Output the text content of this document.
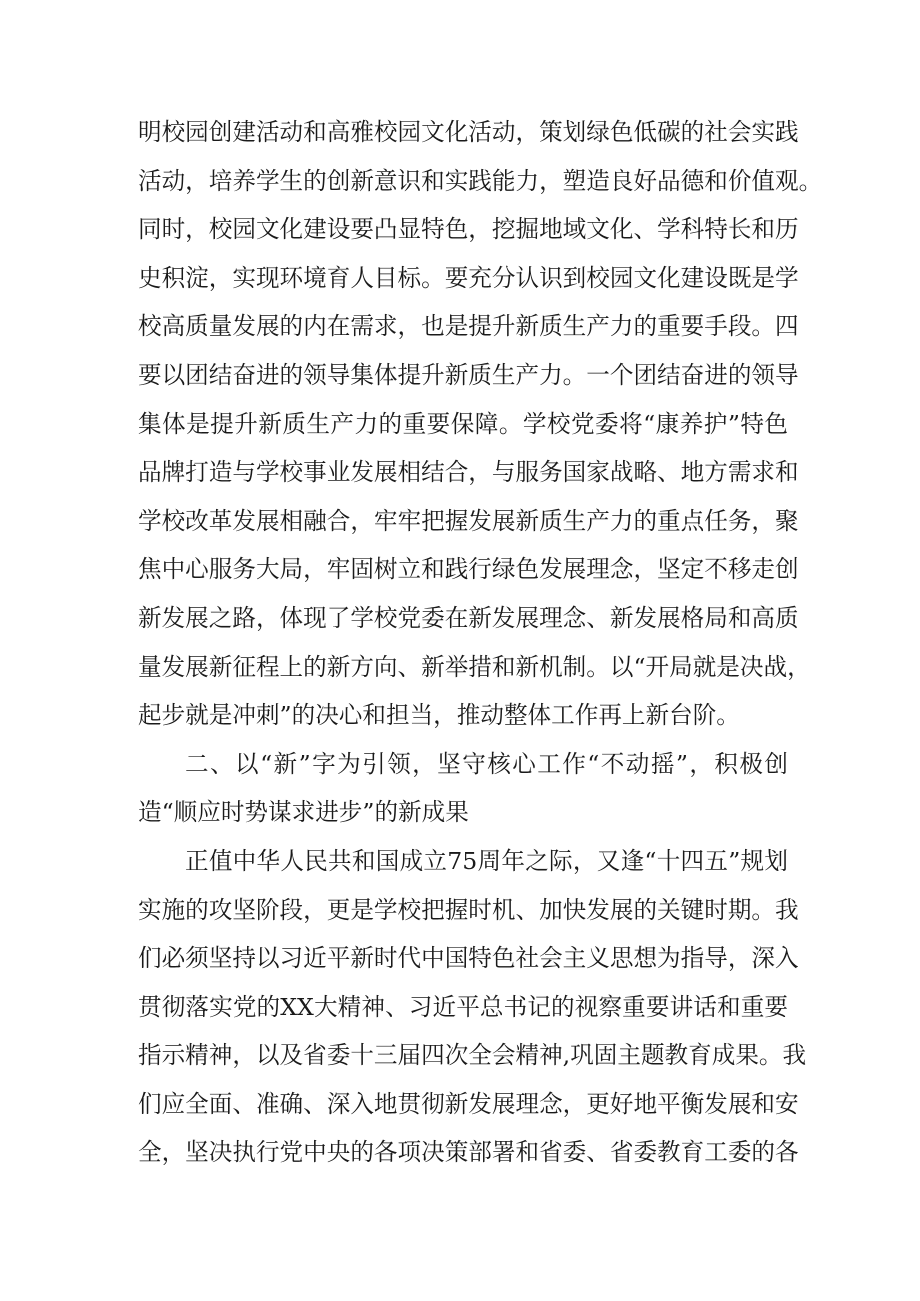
明校园创建活动和高雅校园文化活动，策划绿色低碳的社会实践
活动，培养学生的创新意识和实践能力，塑造良好品德和价值观。
同时，校园文化建设要凸显特色，挖掘地域文化、学科特长和历
史积淀，实现环境育人目标。要充分认识到校园文化建设既是学
校高质量发展的内在需求，也是提升新质生产力的重要手段。四
要以团结奋进的领导集体提升新质生产力。一个团结奋进的领导
集体是提升新质生产力的重要保障。学校党委将“康养护”特色
品牌打造与学校事业发展相结合，与服务国家战略、地方需求和
学校改革发展相融合，牢牢把握发展新质生产力的重点任务，聚
焦中心服务大局，牢固树立和践行绿色发展理念，坚定不移走创
新发展之路，体现了学校党委在新发展理念、新发展格局和高质
量发展新征程上的新方向、新举措和新机制。以“开局就是决战，
起步就是冲刺”的决心和担当，推动整体工作再上新台阶。
二、以“新”字为引领，坚守核心工作“不动摇”，积极创
造“顺应时势谋求进步”的新成果
正值中华人民共和国成立75周年之际，又逢“十四五”规划
实施的攻坚阶段，更是学校把握时机、加快发展的关键时期。我
们必须坚持以习近平新时代中国特色社会主义思想为指导，深入
贯彻落实党的XX大精神、习近平总书记的视察重要讲话和重要
指示精神，以及省委十三届四次全会精神,巩固主题教育成果。我
们应全面、准确、深入地贯彻新发展理念，更好地平衡发展和安
全，坚决执行党中央的各项决策部署和省委、省委教育工委的各
